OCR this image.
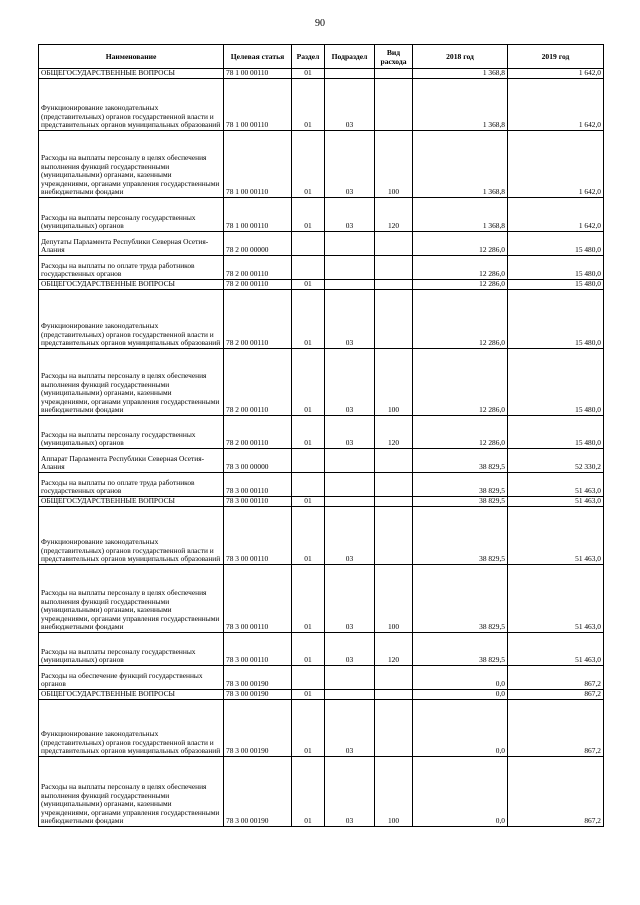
90
Наименование	Целевая статья	Раздел	Подраздел	Вид расхода	2018 год	2019 год
ОБЩЕГОСУДАРСТВЕННЫЕ ВОПРОСЫ	78 1 00 00110	01			1 368,8	1 642,0
Функционирование законодательных (представительных) органов государственной власти и представительных органов муниципальных образований	78 1 00 00110	01	03		1 368,8	1 642,0
Расходы на выплаты персоналу в целях обеспечения выполнения функций государственными (муниципальными) органами, казенными учреждениями, органами управления государственными внебюджетными фондами	78 1 00 00110	01	03	100	1 368,8	1 642,0
Расходы на выплаты персоналу государственных (муниципальных) органов	78 1 00 00110	01	03	120	1 368,8	1 642,0
Депутаты Парламента Республики Северная Осетия-Алания	78 2 00 00000				12 286,0	15 480,0
Расходы на выплаты по оплате труда работников государственных органов	78 2 00 00110				12 286,0	15 480,0
ОБЩЕГОСУДАРСТВЕННЫЕ ВОПРОСЫ	78 2 00 00110	01			12 286,0	15 480,0
Функционирование законодательных (представительных) органов государственной власти и представительных органов муниципальных образований	78 2 00 00110	01	03		12 286,0	15 480,0
Расходы на выплаты персоналу в целях обеспечения выполнения функций государственными (муниципальными) органами, казенными учреждениями, органами управления государственными внебюджетными фондами	78 2 00 00110	01	03	100	12 286,0	15 480,0
Расходы на выплаты персоналу государственных (муниципальных) органов	78 2 00 00110	01	03	120	12 286,0	15 480,0
Аппарат Парламента Республики Северная Осетия-Алания	78 3 00 00000				38 829,5	52 330,2
Расходы на выплаты по оплате труда работников государственных органов	78 3 00 00110				38 829,5	51 463,0
ОБЩЕГОСУДАРСТВЕННЫЕ ВОПРОСЫ	78 3 00 00110	01			38 829,5	51 463,0
Функционирование законодательных (представительных) органов государственной власти и представительных органов муниципальных образований	78 3 00 00110	01	03		38 829,5	51 463,0
Расходы на выплаты персоналу в целях обеспечения выполнения функций государственными (муниципальными) органами, казенными учреждениями, органами управления государственными внебюджетными фондами	78 3 00 00110	01	03	100	38 829,5	51 463,0
Расходы на выплаты персоналу государственных (муниципальных) органов	78 3 00 00110	01	03	120	38 829,5	51 463,0
Расходы на обеспечение функций государственных органов	78 3 00 00190				0,0	867,2
ОБЩЕГОСУДАРСТВЕННЫЕ ВОПРОСЫ	78 3 00 00190	01			0,0	867,2
Функционирование законодательных (представительных) органов государственной власти и представительных органов муниципальных образований	78 3 00 00190	01	03		0,0	867,2
Расходы на выплаты персоналу в целях обеспечения выполнения функций государственными (муниципальными) органами, казенными учреждениями, органами управления государственными внебюджетными фондами	78 3 00 00190	01	03	100	0,0	867,2
